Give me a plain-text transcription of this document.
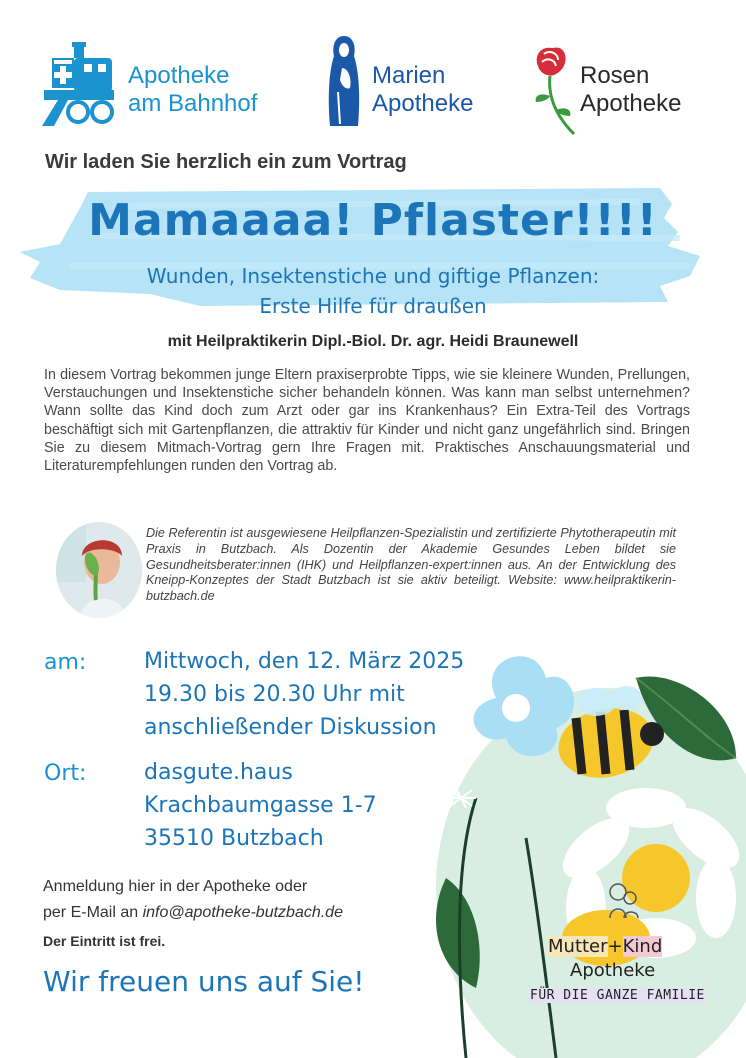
Apotheke
am Bahnhof
Marien
Apotheke
Rosen
Apotheke
Wir laden Sie herzlich ein zum Vortrag
Mamaaaa! Pflaster!!!!
Wunden, Insektenstiche und giftige Pflanzen:
Erste Hilfe für draußen
mit Heilpraktikerin Dipl.-Biol. Dr. agr. Heidi Braunewell
In diesem Vortrag bekommen junge Eltern praxiserprobte Tipps, wie sie kleinere Wunden, Prellungen, Verstauchungen und Insektenstiche sicher behandeln können. Was kann man selbst unternehmen? Wann sollte das Kind doch zum Arzt oder gar ins Krankenhaus? Ein Extra-Teil des Vortrags beschäftigt sich mit Gartenpflanzen, die attraktiv für Kinder und nicht ganz ungefährlich sind. Bringen Sie zu diesem Mitmach-Vortrag gern Ihre Fragen mit. Praktisches Anschauungsmaterial und Literaturempfehlungen runden den Vortrag ab.
Die Referentin ist ausgewiesene Heilpflanzen-Spezialistin und zertifizierte Phytotherapeutin mit Praxis in Butzbach. Als Dozentin der Akademie Gesundes Leben bildet sie Gesundheitsberater:innen (IHK) und Heilpflanzen-expert:innen aus. An der Entwicklung des Kneipp-Konzeptes der Stadt Butzbach ist sie aktiv beteiligt. Website: www.heilpraktikerin-butzbach.de
Mutter+Kind
Apotheke
FÜR DIE GANZE FAMILIE
am:	Mittwoch, den 12. März 2025
19.30 bis 20.30 Uhr mit
anschließender Diskussion
Ort:	dasgute.haus
Krachbaumgasse 1-7
35510 Butzbach
Anmeldung hier in der Apotheke oder
per E-Mail an info@apotheke-butzbach.de
Der Eintritt ist frei.
Wir freuen uns auf Sie!
